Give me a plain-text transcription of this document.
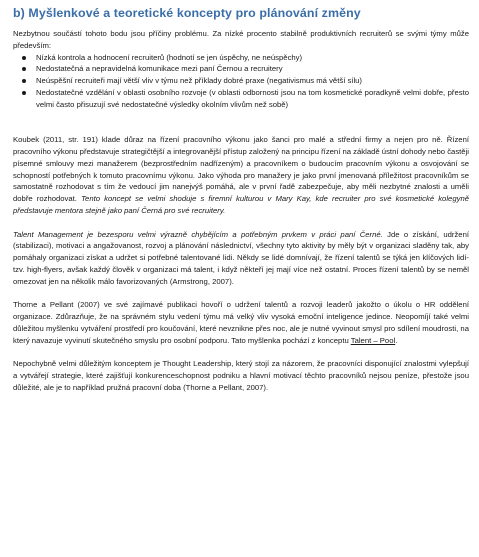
b) Myšlenkové a teoretické koncepty pro plánování změny

Nezbytnou součástí tohoto bodu jsou příčiny problému. Za nízké procento stabilně produktivních recruiterů se svými týmy může především:

Nízká kontrola a hodnocení recruiterů (hodnotí se jen úspěchy, ne neúspěchy)
Nedostatečná a nepravidelná komunikace mezi paní Černou a recruitery
Neúspěšní recruiteři mají větší vliv v týmu než příklady dobré praxe (negativismus má větší sílu)
Nedostatečné vzdělání v oblasti osobního rozvoje (v oblasti odbornosti jsou na tom kosmetické poradkyně velmi dobře, přesto velmi často přisuzují své nedostatečné výsledky okolním vlivům než sobě)

Koubek (2011, str. 191) klade důraz na řízení pracovního výkonu jako šanci pro malé a střední firmy a nejen pro ně. Řízení pracovního výkonu představuje strategičtější a integrovanější přístup založený na principu řízení na základě ústní dohody nebo častěji písemné smlouvy mezi manažerem (bezprostředním nadřízeným) a pracovníkem o budoucím pracovním výkonu a osvojování se schopností potřebných k tomuto pracovnímu výkonu. Jako výhoda pro manažery je jako první jmenovaná příležitost pracovníkům se samostatně rozhodovat s tím že vedoucí jim nanejvýš pomáhá, ale v první řadě zabezpečuje, aby měli nezbytné znalosti a uměli dobře rozhodovat. Tento koncept se velmi shoduje s firemní kulturou v Mary Kay, kde recruiter pro své kosmetické kolegyně představuje mentora stejně jako paní Černá pro své recruitery.

Talent Management je bezesporu velmi výrazně chybějícím a potřebným prvkem v práci paní Černé. Jde o získání, udržení (stabilizaci), motivaci a angažovanost, rozvoj a plánování následnictví, všechny tyto aktivity by měly být v organizaci sladěny tak, aby pomáhaly organizaci získat a udržet si potřebné talentované lidi. Někdy se lidé domnívají, že řízení talentů se týká jen klíčových lidí-tzv. high-flyers, avšak každý člověk v organizaci má talent, i když někteří jej mají více než ostatní. Proces řízení talentů by se neměl omezovat jen na několik málo favorizovaných (Armstrong, 2007).

Thorne a Pellant (2007) ve své zajímavé publikaci hovoří o udržení talentů a rozvoji leaderů jakožto o úkolu o HR oddělení organizace. Zdůrazňuje, že na správném stylu vedení týmu má velký vliv vysoká emoční inteligence jedince. Neopomíjí také velmi důležitou myšlenku vytváření prostředí pro koučování, které nevznikne přes noc, ale je nutné vyvinout smysl pro sdílení moudrosti, na který navazuje vyvinutí skutečného smyslu pro osobní podporu. Tato myšlenka pochází z konceptu Talent – Pool.

Nepochybně velmi důležitým konceptem je Thought Leadership, který stojí za názorem, že pracovníci disponující znalostmi vylepšují a vytvářejí strategie, které zajišťují konkurenceschopnost podniku a hlavní motivací těchto pracovníků nejsou peníze, přestože jsou důležité, ale je to například pružná pracovní doba (Thorne a Pellant, 2007).
